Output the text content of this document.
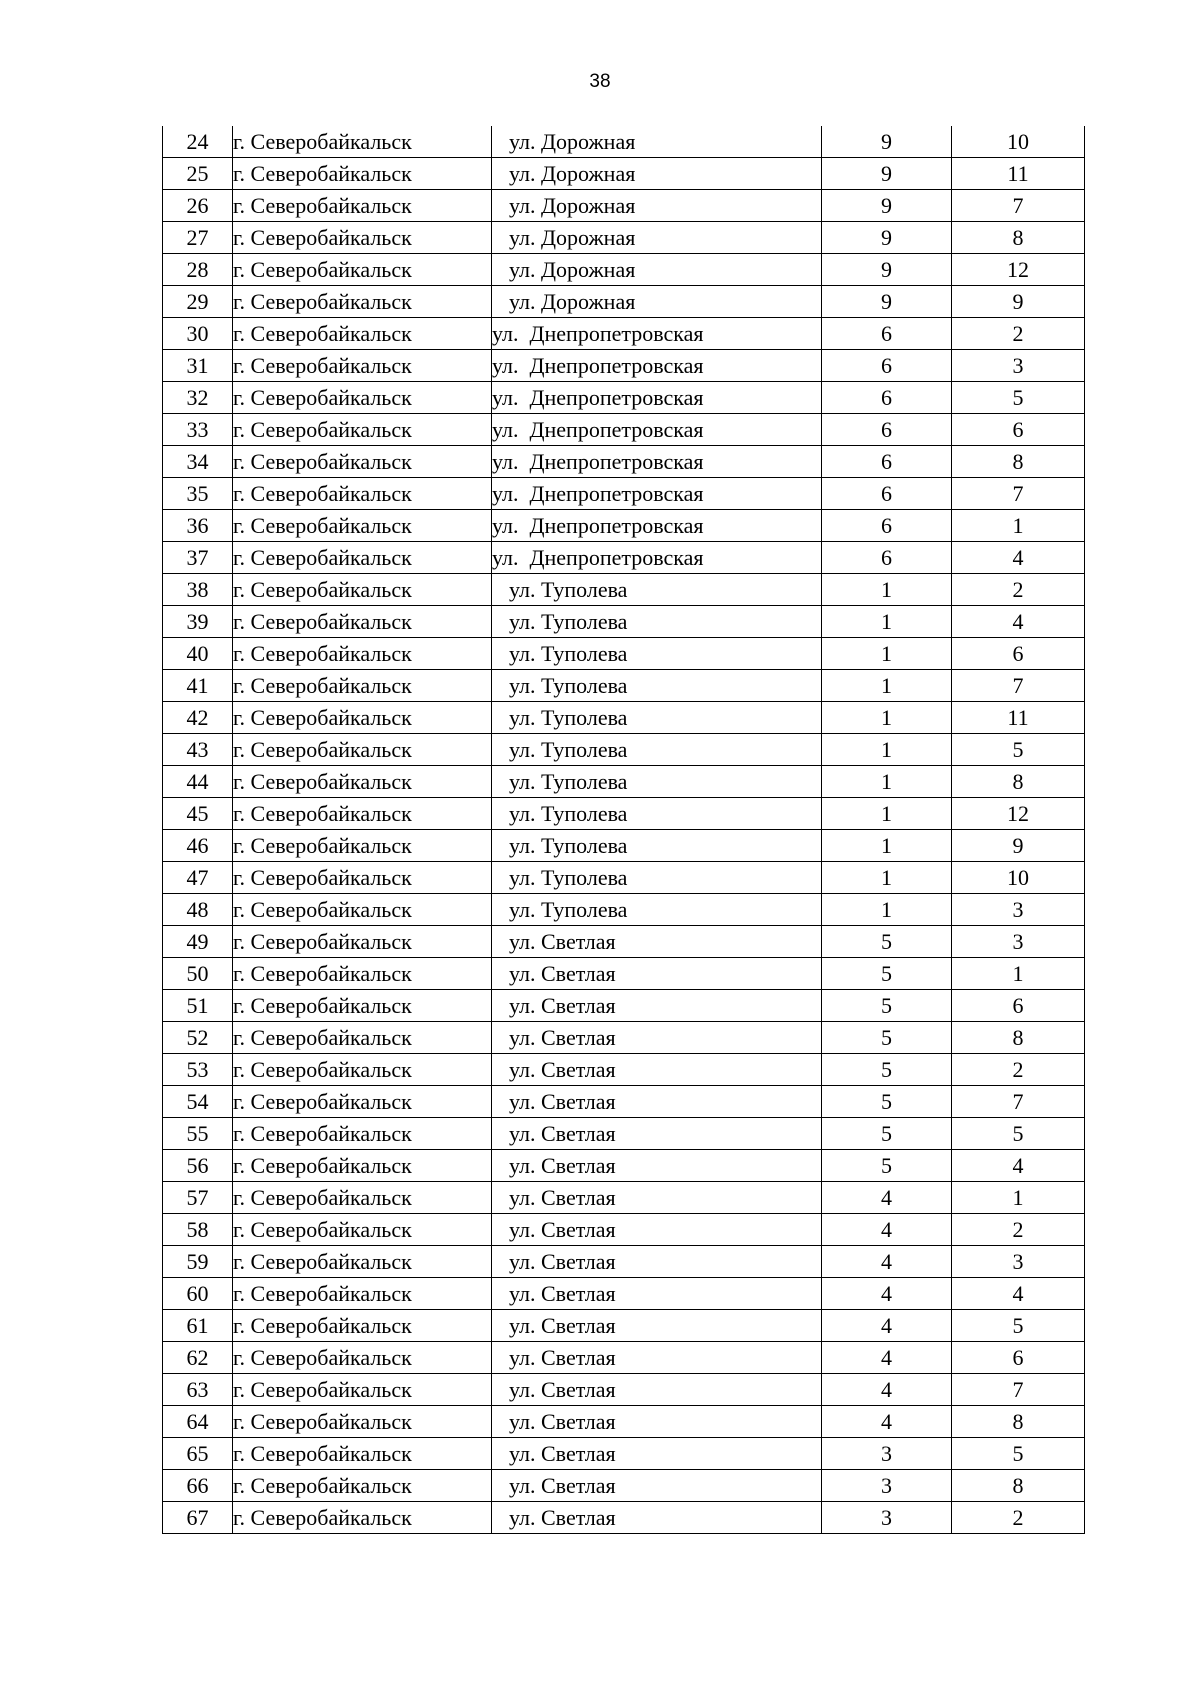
38
24	г. Северобайкальск	ул. Дорожная	9	10
25	г. Северобайкальск	ул. Дорожная	9	11
26	г. Северобайкальск	ул. Дорожная	9	7
27	г. Северобайкальск	ул. Дорожная	9	8
28	г. Северобайкальск	ул. Дорожная	9	12
29	г. Северобайкальск	ул. Дорожная	9	9
30	г. Северобайкальск	ул.  Днепропетровская	6	2
31	г. Северобайкальск	ул.  Днепропетровская	6	3
32	г. Северобайкальск	ул.  Днепропетровская	6	5
33	г. Северобайкальск	ул.  Днепропетровская	6	6
34	г. Северобайкальск	ул.  Днепропетровская	6	8
35	г. Северобайкальск	ул.  Днепропетровская	6	7
36	г. Северобайкальск	ул.  Днепропетровская	6	1
37	г. Северобайкальск	ул.  Днепропетровская	6	4
38	г. Северобайкальск	ул. Туполева	1	2
39	г. Северобайкальск	ул. Туполева	1	4
40	г. Северобайкальск	ул. Туполева	1	6
41	г. Северобайкальск	ул. Туполева	1	7
42	г. Северобайкальск	ул. Туполева	1	11
43	г. Северобайкальск	ул. Туполева	1	5
44	г. Северобайкальск	ул. Туполева	1	8
45	г. Северобайкальск	ул. Туполева	1	12
46	г. Северобайкальск	ул. Туполева	1	9
47	г. Северобайкальск	ул. Туполева	1	10
48	г. Северобайкальск	ул. Туполева	1	3
49	г. Северобайкальск	ул. Светлая	5	3
50	г. Северобайкальск	ул. Светлая	5	1
51	г. Северобайкальск	ул. Светлая	5	6
52	г. Северобайкальск	ул. Светлая	5	8
53	г. Северобайкальск	ул. Светлая	5	2
54	г. Северобайкальск	ул. Светлая	5	7
55	г. Северобайкальск	ул. Светлая	5	5
56	г. Северобайкальск	ул. Светлая	5	4
57	г. Северобайкальск	ул. Светлая	4	1
58	г. Северобайкальск	ул. Светлая	4	2
59	г. Северобайкальск	ул. Светлая	4	3
60	г. Северобайкальск	ул. Светлая	4	4
61	г. Северобайкальск	ул. Светлая	4	5
62	г. Северобайкальск	ул. Светлая	4	6
63	г. Северобайкальск	ул. Светлая	4	7
64	г. Северобайкальск	ул. Светлая	4	8
65	г. Северобайкальск	ул. Светлая	3	5
66	г. Северобайкальск	ул. Светлая	3	8
67	г. Северобайкальск	ул. Светлая	3	2
